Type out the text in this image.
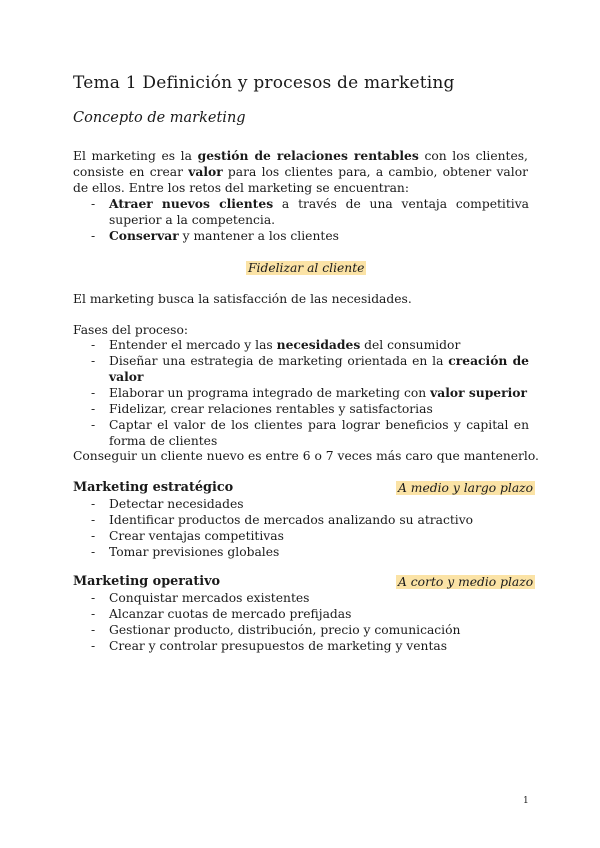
Tema 1 Definición y procesos de marketing
Concepto de marketing
El marketing es la gestión de relaciones rentables con los clientes, consiste en crear valor para los clientes para, a cambio, obtener valor de ellos. Entre los retos del marketing se encuentran:
- Atraer nuevos clientes a través de una ventaja competitiva superior a la competencia.
- Conservar y mantener a los clientes
Fidelizar al cliente
El marketing busca la satisfacción de las necesidades.
Fases del proceso:
- Entender el mercado y las necesidades del consumidor
- Diseñar una estrategia de marketing orientada en la creación de valor
- Elaborar un programa integrado de marketing con valor superior
- Fidelizar, crear relaciones rentables y satisfactorias
- Captar el valor de los clientes para lograr beneficios y capital en forma de clientes
Conseguir un cliente nuevo es entre 6 o 7 veces más caro que mantenerlo.
Marketing estratégico	A medio y largo plazo
- Detectar necesidades
- Identificar productos de mercados analizando su atractivo
- Crear ventajas competitivas
- Tomar previsiones globales
Marketing operativo	A corto y medio plazo
- Conquistar mercados existentes
- Alcanzar cuotas de mercado prefijadas
- Gestionar producto, distribución, precio y comunicación
- Crear y controlar presupuestos de marketing y ventas
1
